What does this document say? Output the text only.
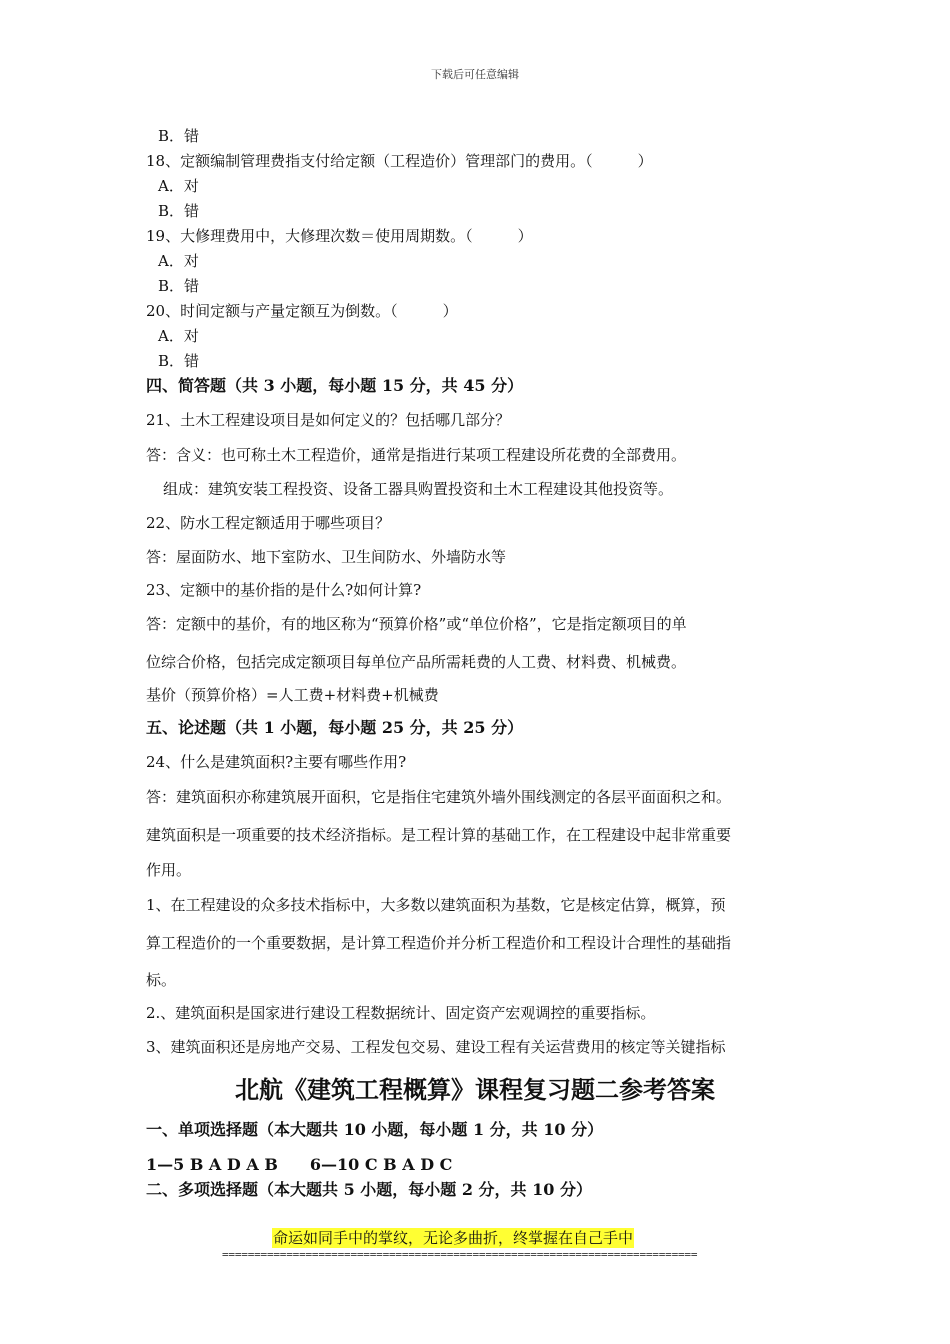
下载后可任意编辑
B．错
18、定额编制管理费指支付给定额（工程造价）管理部门的费用。（　　　）
A．对
B．错
19、大修理费用中，大修理次数＝使用周期数。（　　　）
A．对
B．错
20、时间定额与产量定额互为倒数。（　　　）
A．对
B．错
四、简答题（共 3 小题，每小题 15 分，共 45 分）
21、土木工程建设项目是如何定义的？包括哪几部分？
答：含义：也可称土木工程造价，通常是指进行某项工程建设所花费的全部费用。
组成：建筑安装工程投资、设备工器具购置投资和土木工程建设其他投资等。
22、防水工程定额适用于哪些项目？
答：屋面防水、地下室防水、卫生间防水、外墙防水等
23、定额中的基价指的是什么?如何计算?
答：定额中的基价，有的地区称为“预算价格”或“单位价格”，它是指定额项目的单
位综合价格，包括完成定额项目每单位产品所需耗费的人工费、材料费、机械费。
基价（预算价格）=人工费+材料费+机械费
五、论述题（共 1 小题，每小题 25 分，共 25 分）
24、什么是建筑面积?主要有哪些作用?
答：建筑面积亦称建筑展开面积，它是指住宅建筑外墙外围线测定的各层平面面积之和。
建筑面积是一项重要的技术经济指标。是工程计算的基础工作，在工程建设中起非常重要
作用。
1、在工程建设的众多技术指标中，大多数以建筑面积为基数，它是核定估算，概算，预
算工程造价的一个重要数据，是计算工程造价并分析工程造价和工程设计合理性的基础指
标。
2.、建筑面积是国家进行建设工程数据统计、固定资产宏观调控的重要指标。
3、建筑面积还是房地产交易、工程发包交易、建设工程有关运营费用的核定等关键指标
一、单项选择题（本大题共 10 小题，每小题 1 分，共 10 分）
1—5 B A D A B　　6—10 C B A D C
二、多项选择题（本大题共 5 小题，每小题 2 分，共 10 分）
北航《建筑工程概算》课程复习题二参考答案
命运如同手中的掌纹，无论多曲折，终掌握在自己手中
==========================================================================
